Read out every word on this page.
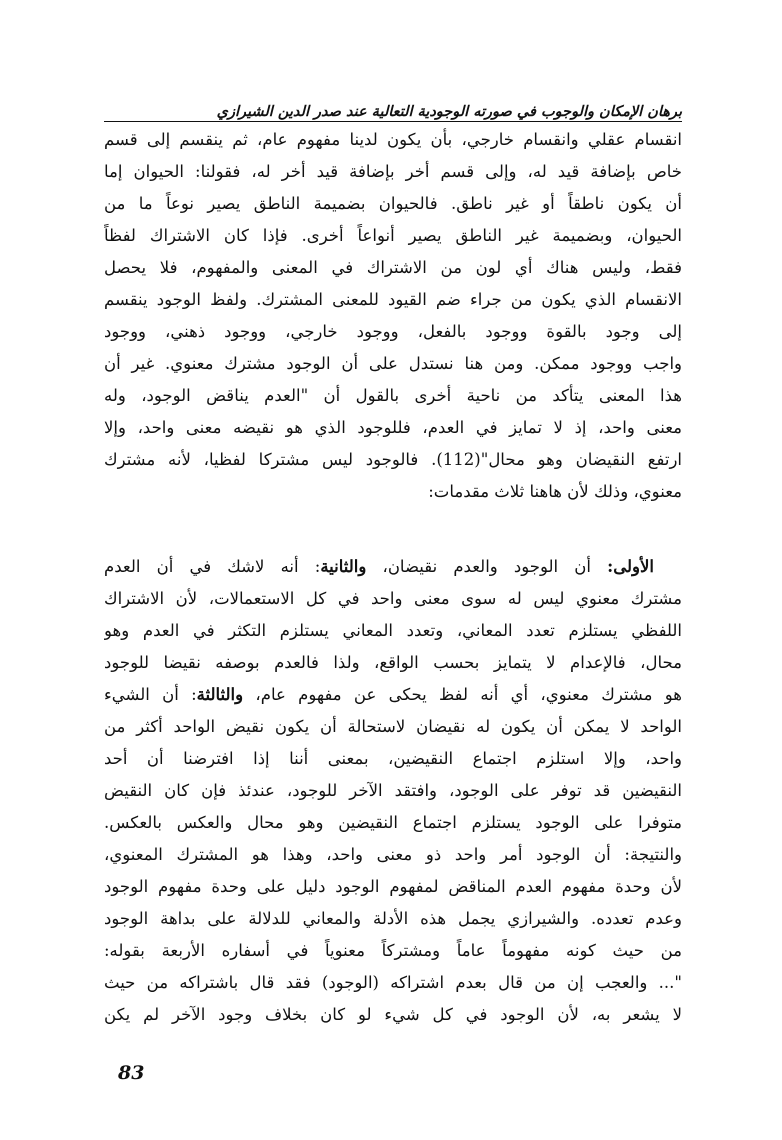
برهان الإمكان والوجوب في صورته الوجودية التعالية عند صدر الدين الشيرازي
انقسام عقلي وانقسام خارجي، بأن يكون لدينا مفهوم عام، ثم ينقسم إلى قسم
خاص بإضافة قيد له، وإلى قسم أخر بإضافة قيد أخر له، فقولنا: الحيوان إما
أن يكون ناطقاً أو غير ناطق. فالحيوان بضميمة الناطق يصير نوعاً ما من
الحيوان، وبضميمة غير الناطق يصير أنواعاً أخرى. فإذا كان الاشتراك لفظاً
فقط، وليس هناك أي لون من الاشتراك في المعنى والمفهوم، فلا يحصل
الانقسام الذي يكون من جراء ضم القيود للمعنى المشترك. ولفظ الوجود ينقسم
إلى وجود بالقوة ووجود بالفعل، ووجود خارجي، ووجود ذهني، ووجود
واجب ووجود ممكن. ومن هنا نستدل على أن الوجود مشترك معنوي. غير أن
هذا المعنى يتأكد من ناحية أخرى بالقول أن "العدم يناقض الوجود، وله
معنى واحد، إذ لا تمايز في العدم، فللوجود الذي هو نقيضه معنى واحد، وإلا
ارتفع النقيضان وهو محال"(112). فالوجود ليس مشتركا لفظيا، لأنه مشترك
معنوي، وذلك لأن هاهنا ثلاث مقدمات:
الأولى: أن الوجود والعدم نقيضان، والثانية: أنه لاشك في أن العدم
مشترك معنوي ليس له سوى معنى واحد في كل الاستعمالات، لأن الاشتراك
اللفظي يستلزم تعدد المعاني، وتعدد المعاني يستلزم التكثر في العدم وهو
محال، فالإعدام لا يتمايز بحسب الواقع، ولذا فالعدم بوصفه نقيضا للوجود
هو مشترك معنوي، أي أنه لفظ يحكى عن مفهوم عام، والثالثة: أن الشيء
الواحد لا يمكن أن يكون له نقيضان لاستحالة أن يكون نقيض الواحد أكثر من
واحد، وإلا استلزم اجتماع النقيضين، بمعنى أننا إذا افترضنا أن أحد
النقيضين قد توفر على الوجود، وافتقد الآخر للوجود، عندئذ فإن كان النقيض
متوفرا على الوجود يستلزم اجتماع النقيضين وهو محال والعكس بالعكس.
والنتيجة: أن الوجود أمر واحد ذو معنى واحد، وهذا هو المشترك المعنوي،
لأن وحدة مفهوم العدم المناقض لمفهوم الوجود دليل على وحدة مفهوم الوجود
وعدم تعدده. والشيرازي يجمل هذه الأدلة والمعاني للدلالة على بداهة الوجود
من حيث كونه مفهوماً عاماً ومشتركاً معنوياً في أسفاره الأربعة بقوله:
"... والعجب إن من قال بعدم اشتراكه (الوجود) فقد قال باشتراكه من حيث
لا يشعر به، لأن الوجود في كل شيء لو كان بخلاف وجود الآخر لم يكن
83
